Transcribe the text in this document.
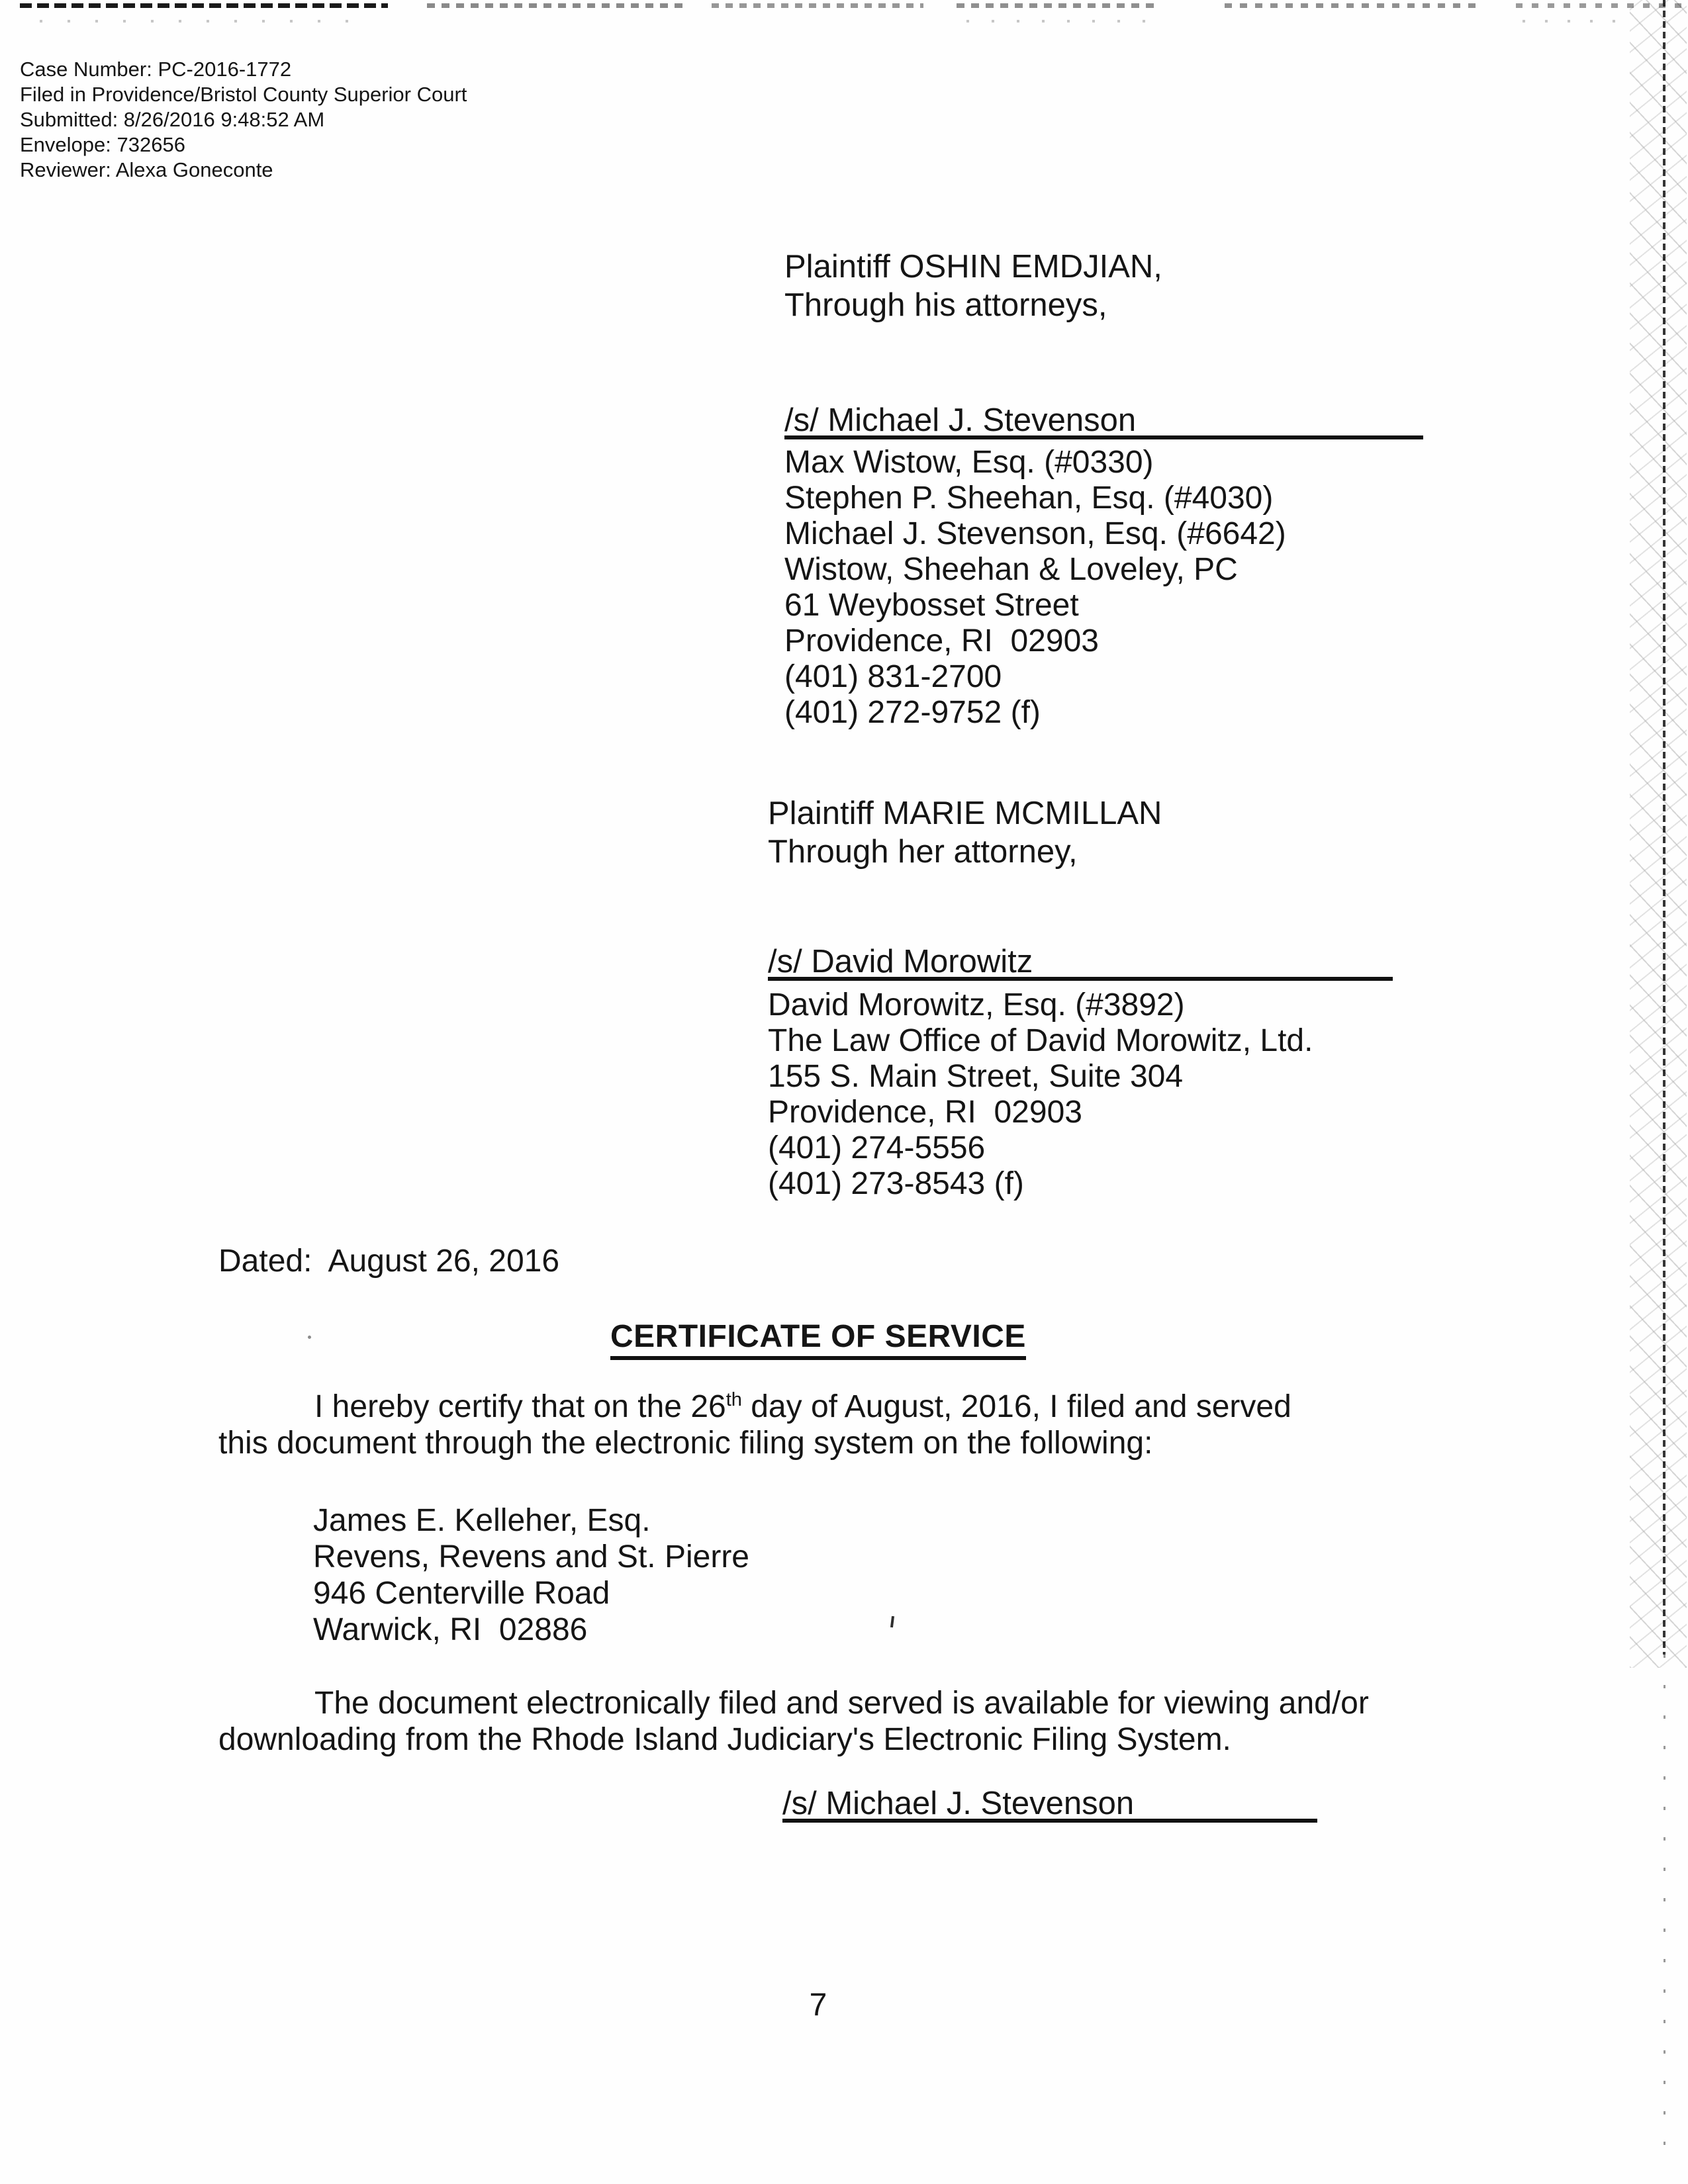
Case Number: PC-2016-1772
Filed in Providence/Bristol County Superior Court
Submitted: 8/26/2016 9:48:52 AM
Envelope: 732656
Reviewer: Alexa Goneconte
Plaintiff OSHIN EMDJIAN,
Through his attorneys,
/s/ Michael J. Stevenson
Max Wistow, Esq. (#0330)
Stephen P. Sheehan, Esq. (#4030)
Michael J. Stevenson, Esq. (#6642)
Wistow, Sheehan & Loveley, PC
61 Weybosset Street
Providence, RI  02903
(401) 831-2700
(401) 272-9752 (f)
Plaintiff MARIE MCMILLAN
Through her attorney,
/s/ David Morowitz
David Morowitz, Esq. (#3892)
The Law Office of David Morowitz, Ltd.
155 S. Main Street, Suite 304
Providence, RI  02903
(401) 274-5556
(401) 273-8543 (f)
Dated:  August 26, 2016
CERTIFICATE OF SERVICE
I hereby certify that on the 26th day of August, 2016, I filed and served
this document through the electronic filing system on the following:
James E. Kelleher, Esq.
Revens, Revens and St. Pierre
946 Centerville Road
Warwick, RI  02886
The document electronically filed and served is available for viewing and/or
downloading from the Rhode Island Judiciary's Electronic Filing System.
/s/ Michael J. Stevenson
7
